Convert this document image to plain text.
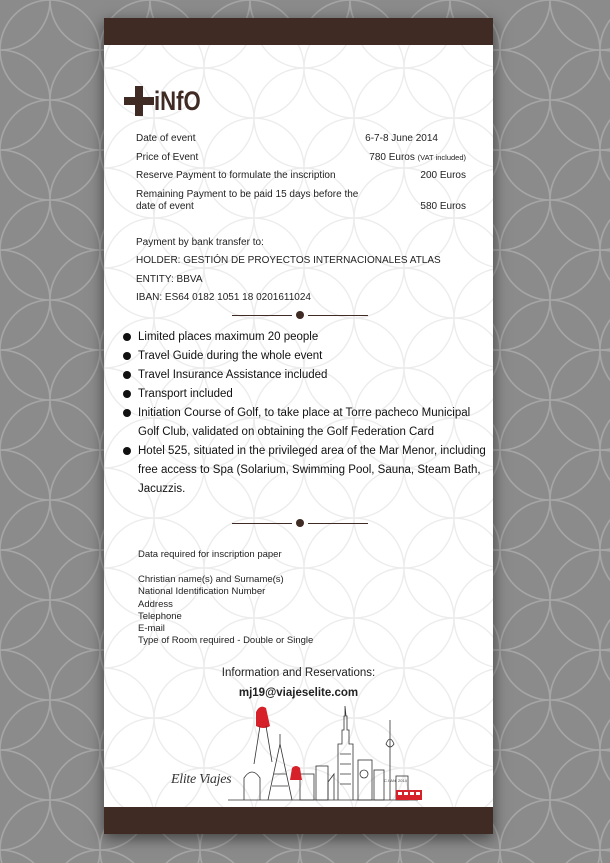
iNfO
Date of event	6-7-8 June 2014
Price of Event	780 Euros (VAT included)
Reserve Payment to formulate the inscription	200 Euros
Remaining Payment to be paid 15 days before the date of event	580 Euros
Payment by bank transfer to:
HOLDER: GESTIÓN DE PROYECTOS INTERNACIONALES ATLAS
ENTITY: BBVA
IBAN: ES64 0182 1051 18 0201611024
Limited places maximum 20 people
Travel Guide during the whole event
Travel Insurance Assistance included
Transport included
Initiation Course of Golf, to take place at Torre pacheco Municipal Golf Club, validated on obtaining the Golf Federation Card
Hotel 525, situated in the privileged area of the Mar Menor, including free access to Spa (Solarium, Swimming Pool, Sauna, Steam Bath, Jacuzzis.
Data required for inscription paper
Christian name(s) and Surname(s)
National Identification Number
Address
Telephone
E-mail
Type of Room required - Double or Single
Information and Reservations:
mj19@viajeselite.com
Elite Viajes	C.I.AN. 2014
